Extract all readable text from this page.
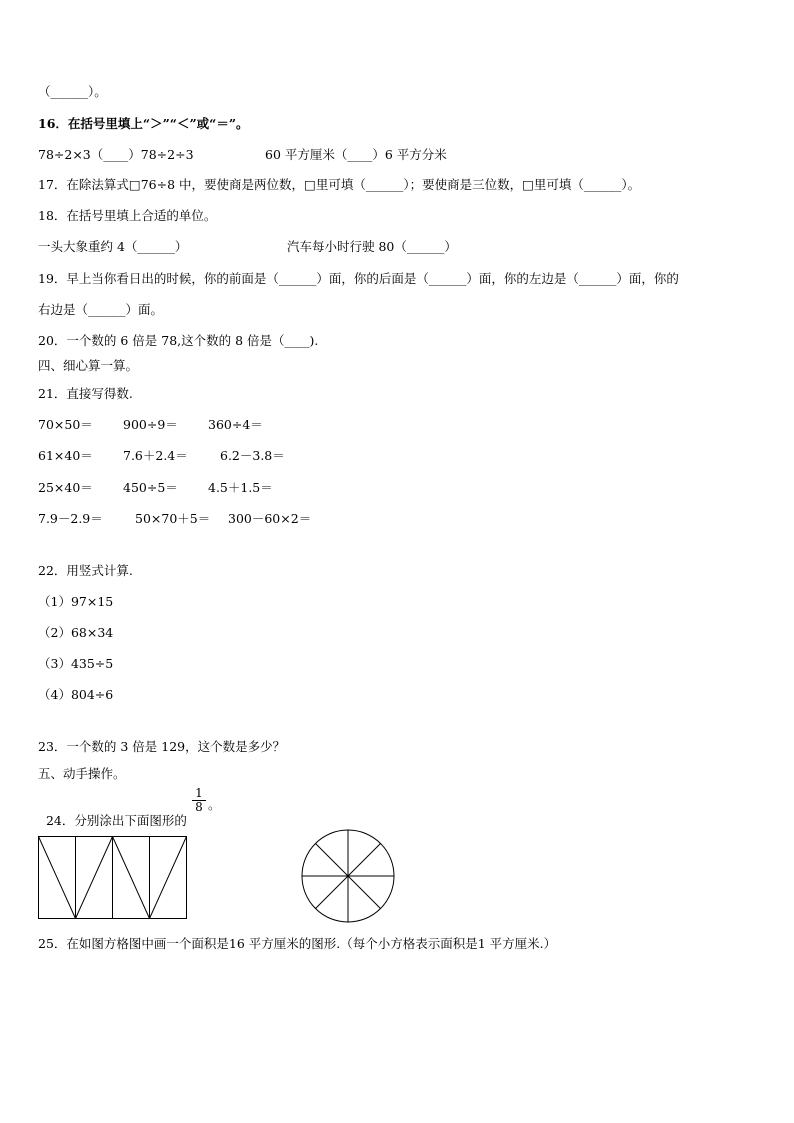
（______）。
16．在括号里填上“＞”“＜”或“＝”。
78÷2×3（____）78÷2÷3	60 平方厘米（____）6 平方分米
17．在除法算式□76÷8 中，要使商是两位数，□里可填（______）；要使商是三位数，□里可填（______）。
18．在括号里填上合适的单位。
一头大象重约 4（______）	汽车每小时行驶 80（______）
19．早上当你看日出的时候，你的前面是（______）面，你的后面是（______）面，你的左边是（______）面，你的
右边是（______）面。
20．一个数的 6 倍是 78,这个数的 8 倍是（____).
四、细心算一算。
21．直接写得数.
70×50＝ 900÷9＝ 360÷4＝
61×40＝ 7.6＋2.4＝	6.2－3.8＝
25×40＝ 450÷5＝ 4.5＋1.5＝
7.9－2.9＝	50×70＋5＝ 300－60×2＝
22．用竖式计算.
（1）97×15
（2）68×34
（3）435÷5
（4）804÷6
23．一个数的 3 倍是 129，这个数是多少？
五、动手操作。

24．分别涂出下面图形的

$\frac{1}{8}$ 。
25．在如图方格图中画一个面积是16 平方厘米的图形.（每个小方格表示面积是1 平方厘米.）
